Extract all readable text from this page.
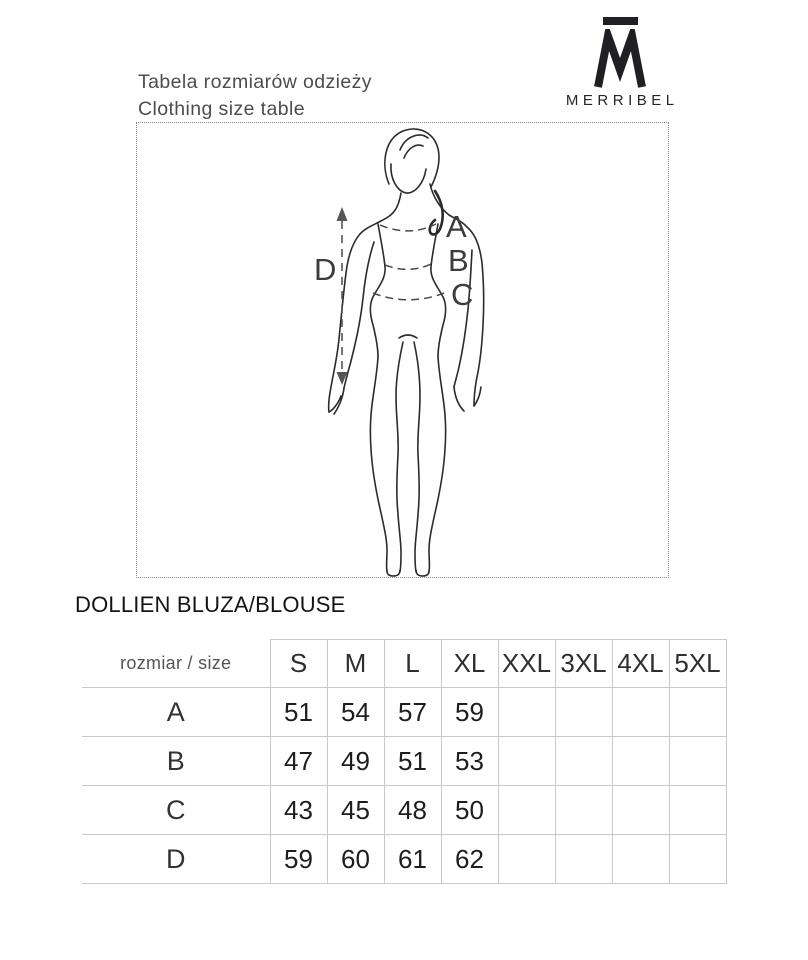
Tabela rozmiarów odzieży
Clothing size table	MERRIBEL
A
B
C
D
DOLLIEN BLUZA/BLOUSE
rozmiar / size	S	M	L	XL	XXL	3XL	4XL	5XL
A	51	54	57	59				
B	47	49	51	53				
C	43	45	48	50				
D	59	60	61	62				
